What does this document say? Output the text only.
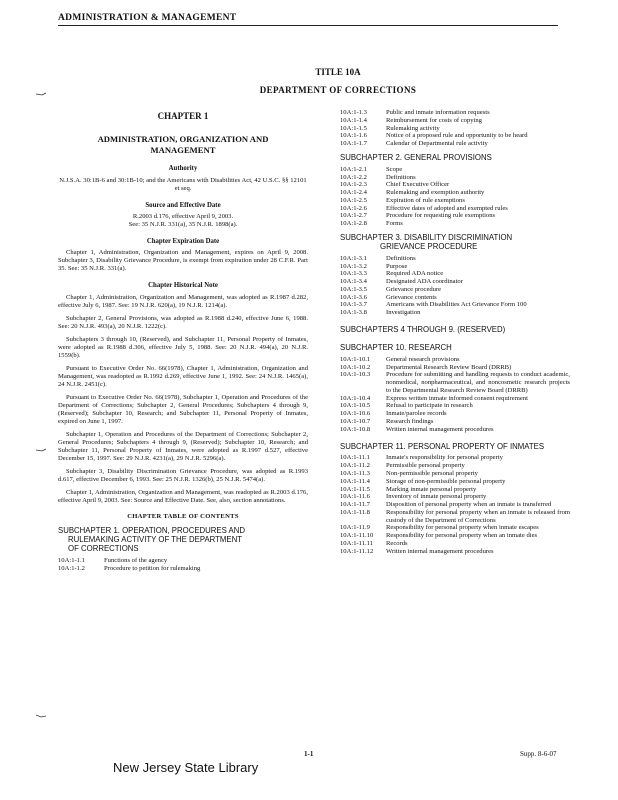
ADMINISTRATION & MANAGEMENT
TITLE 10A
DEPARTMENT OF CORRECTIONS
CHAPTER 1
ADMINISTRATION, ORGANIZATION AND MANAGEMENT
Authority

N.J.S.A. 30:1B-6 and 30:1B-10; and the Americans with Disabilities Act, 42 U.S.C. §§ 12101 et seq.

Source and Effective Date

R.2003 d.176, effective April 9, 2003.

See: 35 N.J.R. 331(a), 35 N.J.R. 1898(a).

Chapter Expiration Date

Chapter 1, Administration, Organization and Management, expires on April 9, 2008. Subchapter 3, Disability Grievance Procedure, is exempt from expiration under 28 C.F.R. Part 35. See: 35 N.J.R. 331(a).

Chapter Historical Note

Chapter 1, Administration, Organization and Management, was adopted as R.1987 d.282, effective July 6, 1987. See: 19 N.J.R. 620(a), 19 N.J.R. 1214(a).

Subchapter 2, General Provisions, was adopted as R.1988 d.240, effective June 6, 1988. See: 20 N.J.R. 493(a), 20 N.J.R. 1222(c).

Subchapters 3 through 10, (Reserved), and Subchapter 11, Personal Property of Inmates, were adopted as R.1988 d.306, effective July 5, 1988. See: 20 N.J.R. 494(a), 20 N.J.R. 1559(b).

Pursuant to Executive Order No. 66(1978), Chapter 1, Administration, Organization and Management, was readopted as R.1992 d.269, effective June 1, 1992. See: 24 N.J.R. 1465(a), 24 N.J.R. 2451(c).

Pursuant to Executive Order No. 66(1978), Subchapter 1, Operation and Procedures of the Department of Corrections; Subchapter 2, General Procedures; Subchapters 4 through 9, (Reserved); Subchapter 10, Research; and Subchapter 11, Personal Property of Inmates, expired on June 1, 1997.

Subchapter 1, Operation and Procedures of the Department of Corrections; Subchapter 2, General Procedures; Subchapters 4 through 9, (Reserved); Subchapter 10, Research; and Subchapter 11, Personal Property of Inmates, were adopted as R.1997 d.527, effective December 15, 1997. See: 29 N.J.R. 4231(a), 29 N.J.R. 5296(a).

Subchapter 3, Disability Discrimination Grievance Procedure, was adopted as R.1993 d.617, effective December 6, 1993. See: 25 N.J.R. 1326(b), 25 N.J.R. 5474(a).

Chapter 1, Administration, Organization and Management, was readopted as R.2003 d.176, effective April 9, 2003. See: Source and Effective Date. See, also, section annotations.

CHAPTER TABLE OF CONTENTS
SUBCHAPTER 1. OPERATION, PROCEDURES AND
RULEMAKING ACTIVITY OF THE DEPARTMENT
OF CORRECTIONS
10A:1-1.1	Functions of the agency
10A:1-1.2	Procedure to petition for rulemaking
10A:1-1.3	Public and inmate information requests
10A:1-1.4	Reimbursement for costs of copying
10A:1-1.5	Rulemaking activity
10A:1-1.6	Notice of a proposed rule and opportunity to be heard
10A:1-1.7	Calendar of Departmental rule activity
SUBCHAPTER 2. GENERAL PROVISIONS
10A:1-2.1	Scope
10A:1-2.2	Definitions
10A:1-2.3	Chief Executive Officer
10A:1-2.4	Rulemaking and exemption authority
10A:1-2.5	Expiration of rule exemptions
10A:1-2.6	Effective dates of adopted and exempted rules
10A:1-2.7	Procedure for requesting rule exemptions
10A:1-2.8	Forms
SUBCHAPTER 3. DISABILITY DISCRIMINATION
GRIEVANCE PROCEDURE
10A:1-3.1	Definitions
10A:1-3.2	Purpose
10A:1-3.3	Required ADA notice
10A:1-3.4	Designated ADA coordinator
10A:1-3.5	Grievance procedure
10A:1-3.6	Grievance contents
10A:1-3.7	Americans with Disabilities Act Grievance Form 100
10A:1-3.8	Investigation
SUBCHAPTERS 4 THROUGH 9. (RESERVED)
SUBCHAPTER 10. RESEARCH
10A:1-10.1	General research provisions
10A:1-10.2	Departmental Research Review Board (DRRB)
10A:1-10.3	Procedure for submitting and handling requests to conduct academic, nonmedical, nonpharmaceutical, and noncosmetic research projects to the Departmental Research Review Board (DRRB)
10A:1-10.4	Express written inmate informed consent requirement
10A:1-10.5	Refusal to participate in research
10A:1-10.6	Inmate/parolee records
10A:1-10.7	Research findings
10A:1-10.8	Written internal management procedures
SUBCHAPTER 11. PERSONAL PROPERTY OF INMATES
10A:1-11.1	Inmate's responsibility for personal property
10A:1-11.2	Permissible personal property
10A:1-11.3	Non-permissible personal property
10A:1-11.4	Storage of non-permissible personal property
10A:1-11.5	Marking inmate personal property
10A:1-11.6	Inventory of inmate personal property
10A:1-11.7	Disposition of personal property when an inmate is transferred
10A:1-11.8	Responsibility for personal property when an inmate is released from custody of the Department of Corrections
10A:1-11.9	Responsibility for personal property when inmate escapes
10A:1-11.10	Responsibility for personal property when an inmate dies
10A:1-11.11	Records
10A:1-11.12	Written internal management procedures
1-1	Supp. 8-6-07
New Jersey State Library
